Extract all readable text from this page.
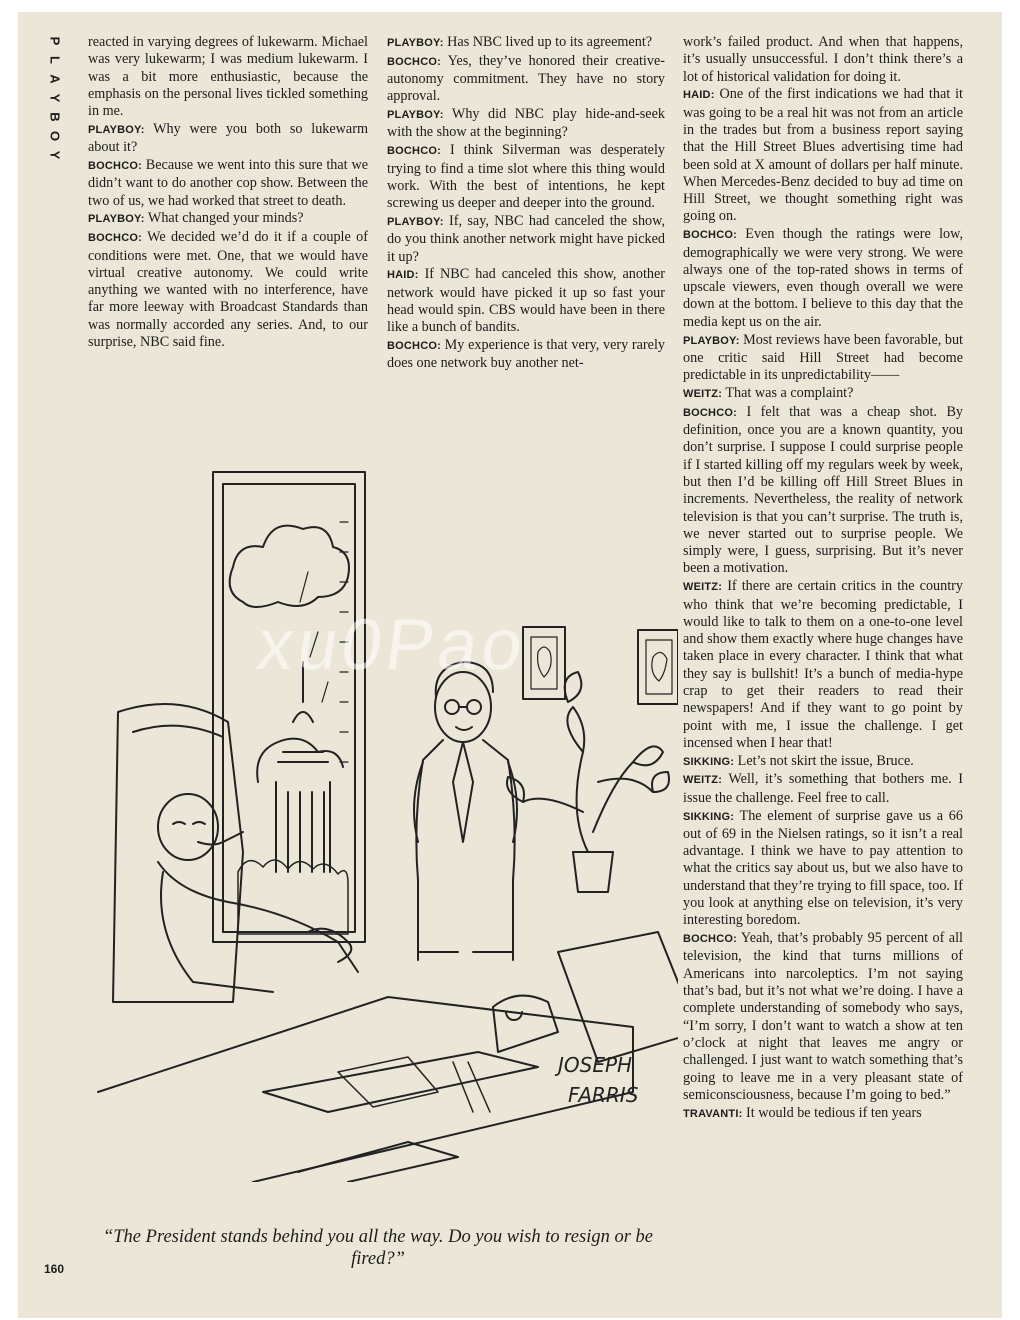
P
L
A
Y
B
O
Y

reacted in varying degrees of lukewarm. Michael was very lukewarm; I was medium lukewarm. I was a bit more enthusiastic, because the emphasis on the personal lives tickled something in me.

PLAYBOY: Why were you both so lukewarm about it?

BOCHCO: Because we went into this sure that we didn’t want to do another cop show. Between the two of us, we had worked that street to death.

PLAYBOY: What changed your minds?

BOCHCO: We decided we’d do it if a couple of conditions were met. One, that we would have virtual creative autonomy. We could write anything we wanted with no interference, have far more leeway with Broadcast Standards than was normally accorded any series. And, to our surprise, NBC said fine.

PLAYBOY: Has NBC lived up to its agreement?

BOCHCO: Yes, they’ve honored their creative-autonomy commitment. They have no story approval.

PLAYBOY: Why did NBC play hide-and-seek with the show at the beginning?

BOCHCO: I think Silverman was desperately trying to find a time slot where this thing would work. With the best of intentions, he kept screwing us deeper and deeper into the ground.

PLAYBOY: If, say, NBC had canceled the show, do you think another network might have picked it up?

HAID: If NBC had canceled this show, another network would have picked it up so fast your head would spin. CBS would have been in there like a bunch of bandits.

BOCHCO: My experience is that very, very rarely does one network buy another net-

work’s failed product. And when that happens, it’s usually unsuccessful. I don’t think there’s a lot of historical validation for doing it.

HAID: One of the first indications we had that it was going to be a real hit was not from an article in the trades but from a business report saying that the Hill Street Blues advertising time had been sold at X amount of dollars per half minute. When Mercedes-Benz decided to buy ad time on Hill Street, we thought something right was going on.

BOCHCO: Even though the ratings were low, demographically we were very strong. We were always one of the top-rated shows in terms of upscale viewers, even though overall we were down at the bottom. I believe to this day that the media kept us on the air.

PLAYBOY: Most reviews have been favorable, but one critic said Hill Street had become predictable in its unpredictability——

WEITZ: That was a complaint?

BOCHCO: I felt that was a cheap shot. By definition, once you are a known quantity, you don’t surprise. I suppose I could surprise people if I started killing off my regulars week by week, but then I’d be killing off Hill Street Blues in increments. Nevertheless, the reality of network television is that you can’t surprise. The truth is, we never started out to surprise people. We simply were, I guess, surprising. But it’s never been a motivation.

WEITZ: If there are certain critics in the country who think that we’re becoming predictable, I would like to talk to them on a one-to-one level and show them exactly where huge changes have taken place in every character. I think that what they say is bullshit! It’s a bunch of media-hype crap to get their readers to read their newspapers! And if they want to go point by point with me, I issue the challenge. I get incensed when I hear that!

SIKKING: Let’s not skirt the issue, Bruce.

WEITZ: Well, it’s something that bothers me. I issue the challenge. Feel free to call.

SIKKING: The element of surprise gave us a 66 out of 69 in the Nielsen ratings, so it isn’t a real advantage. I think we have to pay attention to what the critics say about us, but we also have to understand that they’re trying to fill space, too. If you look at anything else on television, it’s very interesting boredom.

BOCHCO: Yeah, that’s probably 95 percent of all television, the kind that turns millions of Americans into narcoleptics. I’m not saying that’s bad, but it’s not what we’re doing. I have a complete understanding of somebody who says, “I’m sorry, I don’t want to watch a show at ten o’clock at night that leaves me angry or challenged. I just want to watch something that’s going to leave me in a very pleasant state of semiconsciousness, because I’m going to bed.”

TRAVANTI: It would be tedious if ten years

JOSEPH
FARRIS
xu0Pao
“The President stands behind you all the way. Do you wish to resign or be fired?”
160
